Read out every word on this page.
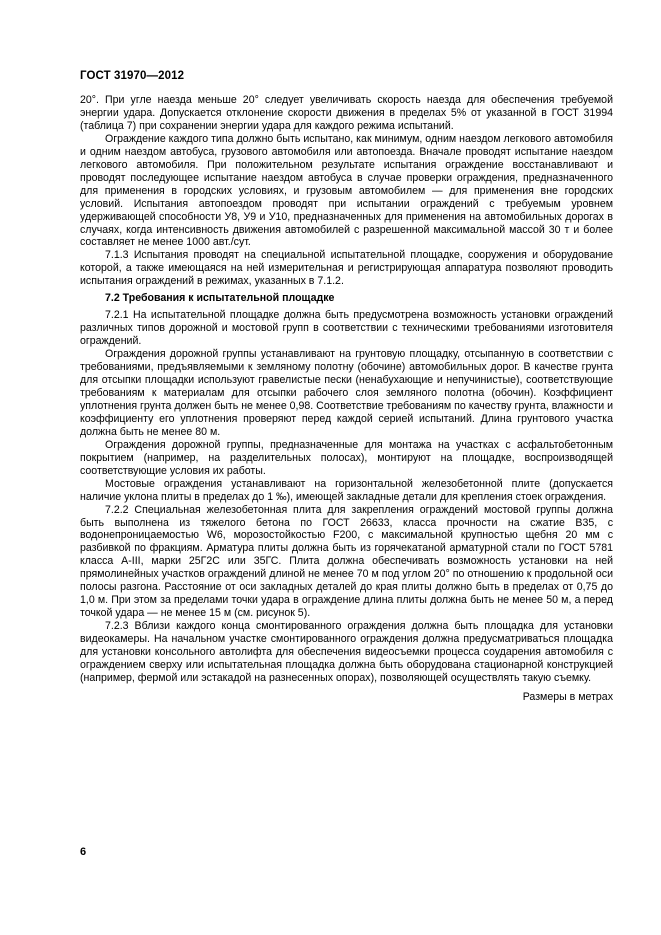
ГОСТ 31970—2012

20°. При угле наезда меньше 20° следует увеличивать скорость наезда для обеспечения требуемой энергии удара. Допускается отклонение скорости движения в пределах 5% от указанной в ГОСТ 31994 (таблица 7) при сохранении энергии удара для каждого режима испытаний.

Ограждение каждого типа должно быть испытано, как минимум, одним наездом легкового автомобиля и одним наездом автобуса, грузового автомобиля или автопоезда. Вначале проводят испытание наездом легкового автомобиля. При положительном результате испытания ограждение восстанавливают и проводят последующее испытание наездом автобуса в случае проверки ограждения, предназначенного для применения в городских условиях, и грузовым автомобилем — для применения вне городских условий. Испытания автопоездом проводят при испытании ограждений с требуемым уровнем удерживающей способности У8, У9 и У10, предназначенных для применения на автомобильных дорогах в случаях, когда интенсивность движения автомобилей с разрешенной максимальной массой 30 т и более составляет не менее 1000 авт./сут.

7.1.3 Испытания проводят на специальной испытательной площадке, сооружения и оборудование которой, а также имеющаяся на ней измерительная и регистрирующая аппаратура позволяют проводить испытания ограждений в режимах, указанных в 7.1.2.

7.2 Требования к испытательной площадке

7.2.1 На испытательной площадке должна быть предусмотрена возможность установки ограждений различных типов дорожной и мостовой групп в соответствии с техническими требованиями изготовителя ограждений.

Ограждения дорожной группы устанавливают на грунтовую площадку, отсыпанную в соответствии с требованиями, предъявляемыми к земляному полотну (обочине) автомобильных дорог. В качестве грунта для отсыпки площадки используют гравелистые пески (ненабухающие и непучинистые), соответствующие требованиям к материалам для отсыпки рабочего слоя земляного полотна (обочин). Коэффициент уплотнения грунта должен быть не менее 0,98. Соответствие требованиям по качеству грунта, влажности и коэффициенту его уплотнения проверяют перед каждой серией испытаний. Длина грунтового участка должна быть не менее 80 м.

Ограждения дорожной группы, предназначенные для монтажа на участках с асфальтобетонным покрытием (например, на разделительных полосах), монтируют на площадке, воспроизводящей соответствующие условия их работы.

Мостовые ограждения устанавливают на горизонтальной железобетонной плите (допускается наличие уклона плиты в пределах до 1 ‰), имеющей закладные детали для крепления стоек ограждения.

7.2.2 Специальная железобетонная плита для закрепления ограждений мостовой группы должна быть выполнена из тяжелого бетона по ГОСТ 26633, класса прочности на сжатие В35, с водонепроницаемостью W6, морозостойкостью F200, с максимальной крупностью щебня 20 мм с разбивкой по фракциям. Арматура плиты должна быть из горячекатаной арматурной стали по ГОСТ 5781 класса А-III, марки 25Г2С или 35ГС. Плита должна обеспечивать возможность установки на ней прямолинейных участков ограждений длиной не менее 70 м под углом 20° по отношению к продольной оси полосы разгона. Расстояние от оси закладных деталей до края плиты должно быть в пределах от 0,75 до 1,0 м. При этом за пределами точки удара в ограждение длина плиты должна быть не менее 50 м, а перед точкой удара — не менее 15 м (см. рисунок 5).

7.2.3 Вблизи каждого конца смонтированного ограждения должна быть площадка для установки видеокамеры. На начальном участке смонтированного ограждения должна предусматриваться площадка для установки консольного автолифта для обеспечения видеосъемки процесса соударения автомобиля с ограждением сверху или испытательная площадка должна быть оборудована стационарной конструкцией (например, фермой или эстакадой на разнесенных опорах), позволяющей осуществлять такую съемку.

Размеры в метрах

6
